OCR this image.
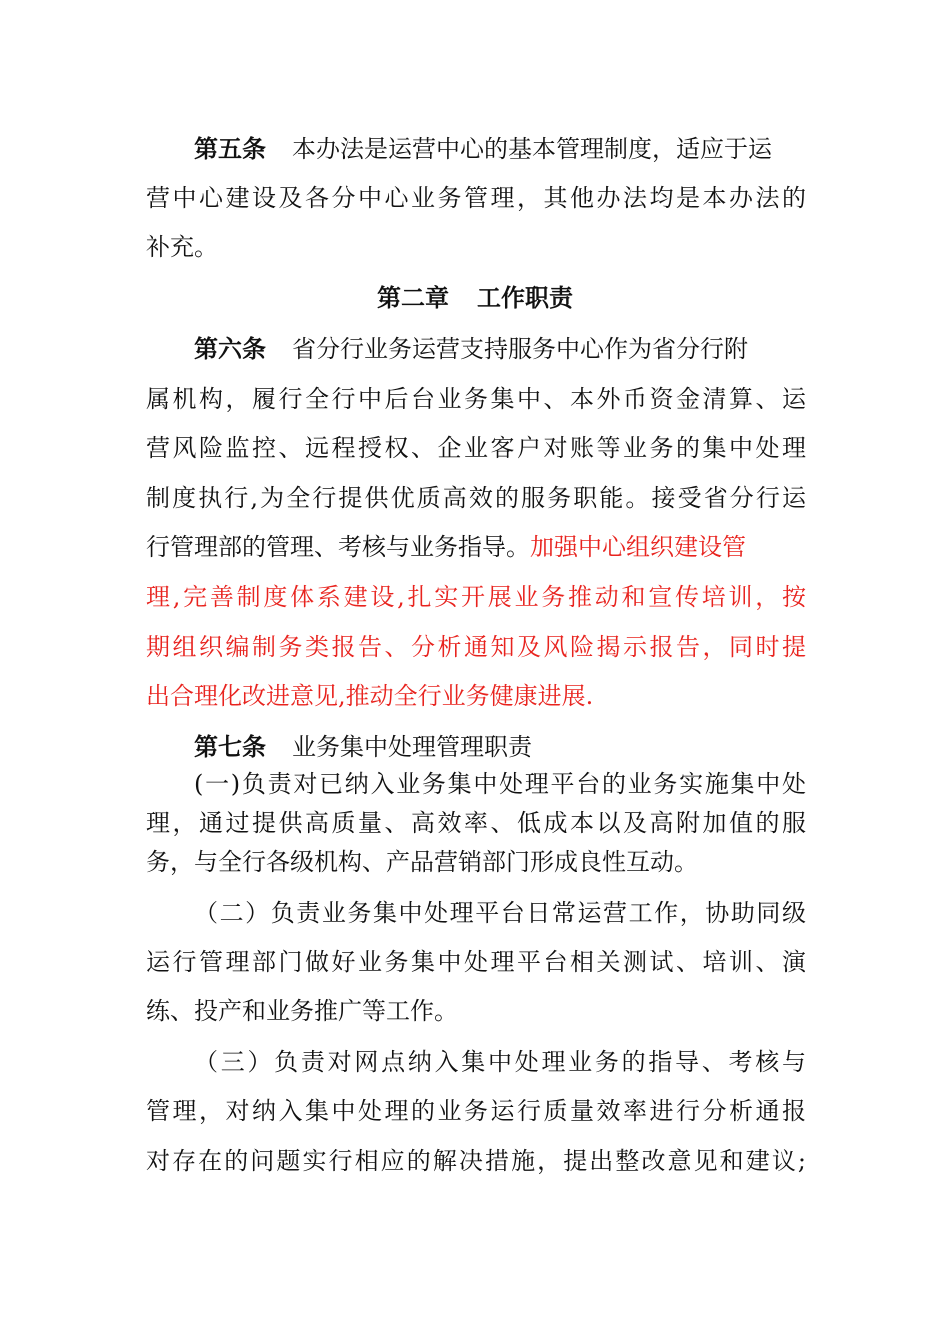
第五条 本办法是运营中心的基本管理制度，适应于运
营中心建设及各分中心业务管理，其他办法均是本办法的
补充。
第二章 工作职责
第六条 省分行业务运营支持服务中心作为省分行附
属机构，履行全行中后台业务集中、本外币资金清算、运
营风险监控、远程授权、企业客户对账等业务的集中处理
制度执行,为全行提供优质高效的服务职能。接受省分行运
行管理部的管理、考核与业务指导。加强中心组织建设管
理,完善制度体系建设,扎实开展业务推动和宣传培训，按
期组织编制务类报告、分析通知及风险揭示报告，同时提
出合理化改进意见,推动全行业务健康进展.
第七条 业务集中处理管理职责
(一)负责对已纳入业务集中处理平台的业务实施集中处
理，通过提供高质量、高效率、低成本以及高附加值的服
务，与全行各级机构、产品营销部门形成良性互动。
（二）负责业务集中处理平台日常运营工作，协助同级
运行管理部门做好业务集中处理平台相关测试、培训、演
练、投产和业务推广等工作。
（三）负责对网点纳入集中处理业务的指导、考核与
管理，对纳入集中处理的业务运行质量效率进行分析通报
对存在的问题实行相应的解决措施，提出整改意见和建议;
